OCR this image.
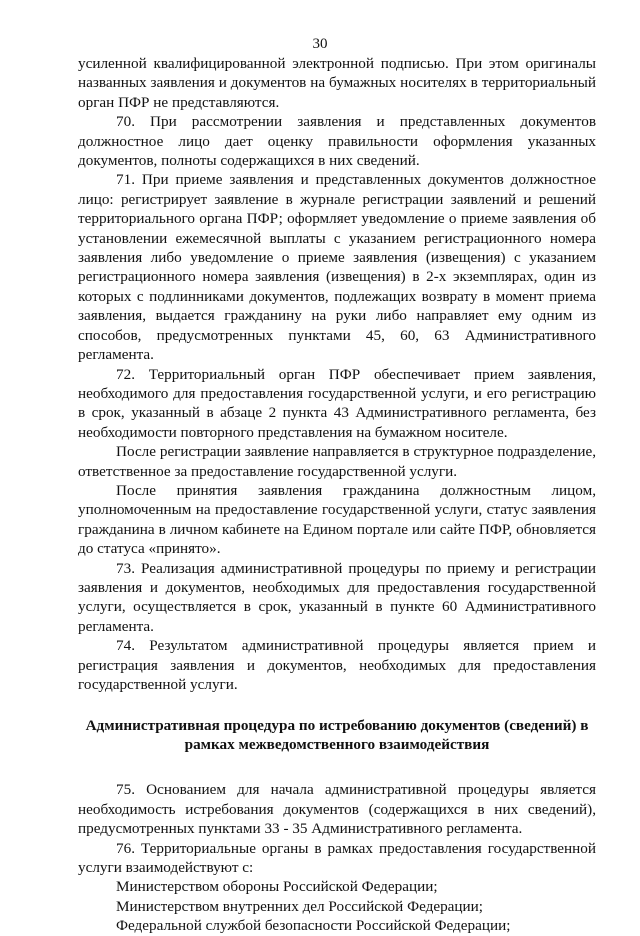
30

усиленной квалифицированной электронной подписью. При этом оригиналы названных заявления и документов на бумажных носителях в территориальный орган ПФР не представляются.

70. При рассмотрении заявления и представленных документов должностное лицо дает оценку правильности оформления указанных документов, полноты содержащихся в них сведений.

71. При приеме заявления и представленных документов должностное лицо: регистрирует заявление в журнале регистрации заявлений и решений территориального органа ПФР; оформляет уведомление о приеме заявления об установлении ежемесячной выплаты с указанием регистрационного номера заявления либо уведомление о приеме заявления (извещения) с указанием регистрационного номера заявления (извещения) в 2-х экземплярах, один из которых с подлинниками документов, подлежащих возврату в момент приема заявления, выдается гражданину на руки либо направляет ему одним из способов, предусмотренных пунктами 45, 60, 63 Административного регламента.

72. Территориальный орган ПФР обеспечивает прием заявления, необходимого для предоставления государственной услуги, и его регистрацию в срок, указанный в абзаце 2 пункта 43 Административного регламента, без необходимости повторного представления на бумажном носителе.

После регистрации заявление направляется в структурное подразделение, ответственное за предоставление государственной услуги.

После принятия заявления гражданина должностным лицом, уполномоченным на предоставление государственной услуги, статус заявления гражданина в личном кабинете на Едином портале или сайте ПФР, обновляется до статуса «принято».

73. Реализация административной процедуры по приему и регистрации заявления и документов, необходимых для предоставления государственной услуги, осуществляется в срок, указанный в пункте 60 Административного регламента.

74. Результатом административной процедуры является прием и регистрация заявления и документов, необходимых для предоставления государственной услуги.

Административная процедура по истребованию документов (сведений) в рамках межведомственного взаимодействия

75. Основанием для начала административной процедуры является необходимость истребования документов (содержащихся в них сведений), предусмотренных пунктами 33 - 35 Административного регламента.

76. Территориальные органы в рамках предоставления государственной услуги взаимодействуют с:

Министерством обороны Российской Федерации;

Министерством внутренних дел Российской Федерации;

Федеральной службой безопасности Российской Федерации;
